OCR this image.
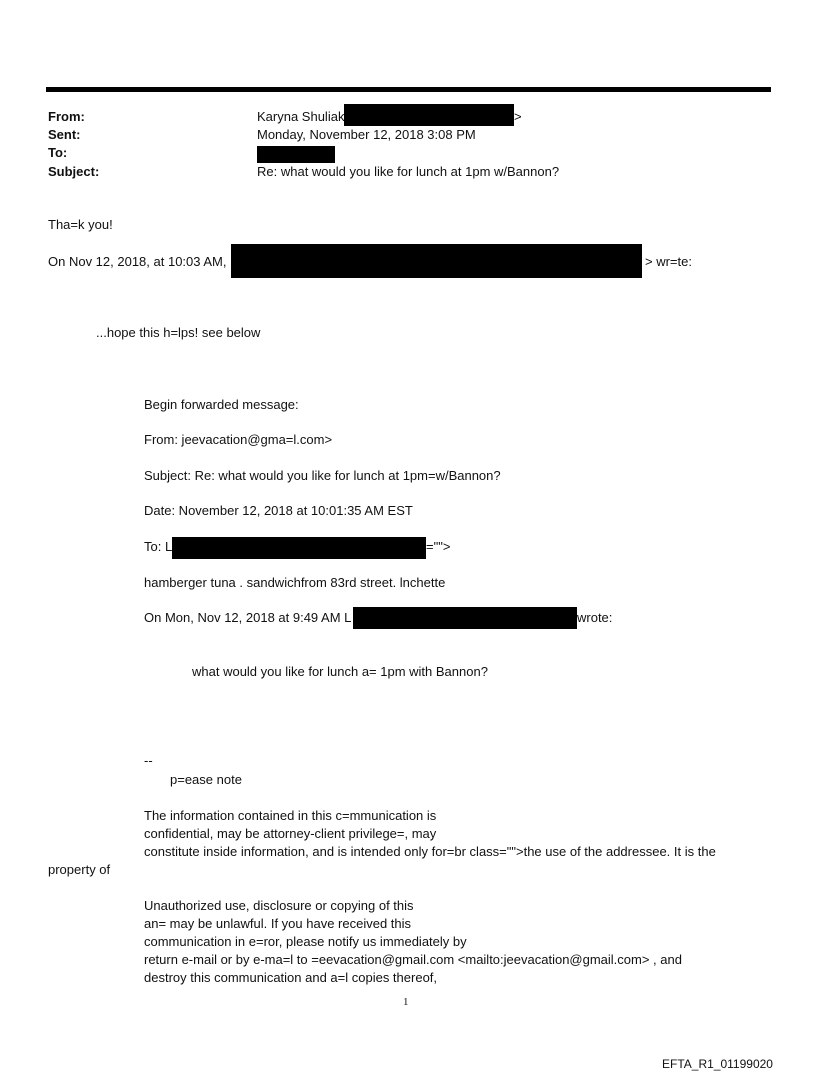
From:	Karyna Shuliak	>
Sent:	Monday, November 12, 2018 3:08 PM
To:
Subject:	Re: what would you like for lunch at 1pm w/Bannon?
Tha=k you!
On Nov 12, 2018, at 10:03 AM,	> wr=te:
...hope this h=lps! see below
Begin forwarded message:
From: jeevacation@gma=l.com>
Subject: Re: what would you like for lunch at 1pm=w/Bannon?
Date: November 12, 2018 at 10:01:35 AM EST
To: L	="">
hamberger tuna . sandwichfrom 83rd street. lnchette
On Mon, Nov 12, 2018 at 9:49 AM L	wrote:
what would you like for lunch a= 1pm with Bannon?
--
p=ease note
The information contained in this c=mmunication is
confidential, may be attorney-client privilege=, may
constitute inside information, and is intended only for=br class="">the use of the addressee. It is the
property of
Unauthorized use, disclosure or copying of this
an= may be unlawful. If you have received this
communication in e=ror, please notify us immediately by
return e-mail or by e-ma=l to =eevacation@gmail.com <mailto:jeevacation@gmail.com> , and
destroy this communication and a=l copies thereof,
1
EFTA_R1_01199020
